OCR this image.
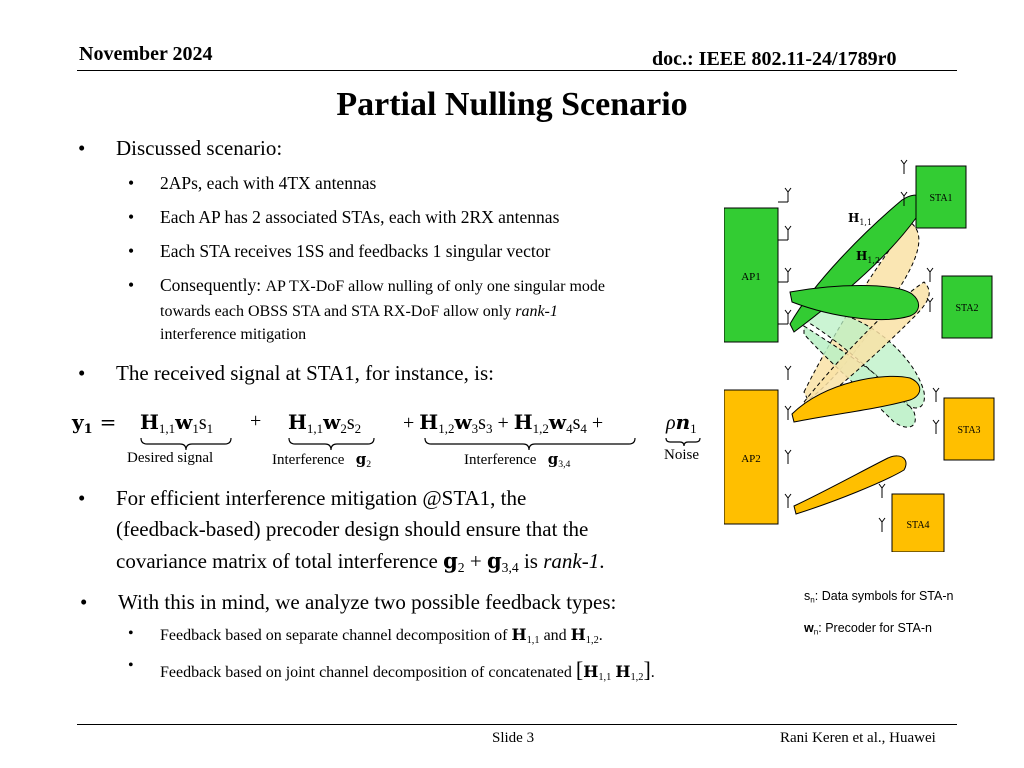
November 2024	doc.: IEEE 802.11-24/1789r0
Partial Nulling Scenario
• Discussed scenario:
• 2APs, each with 4TX antennas
• Each AP has 2 associated STAs, each with 2RX antennas
• Each STA receives 1SS and feedbacks 1 singular vector
• Consequently: AP TX-DoF allow nulling of only one singular mode
towards each OBSS STA and STA RX-DoF allow only rank-1
interference mitigation
• The received signal at STA1, for instance, is:
$y_1 = H_{1,1}w_1s_1 + H_{1,1}w_2s_2 + H_{1,2}w_3s_3 + H_{1,2}w_4s_4$ +	$\rho n_1$
Desired signal	Interference $g_2$	Interference $g_{3,4}$
Noise
• For efficient interference mitigation @STA1, the
(feedback-based) precoder design should ensure that the
covariance matrix of total interference $g_2 + g_{3,4}$ is rank-1.
• With this in mind, we analyze two possible feedback types:
• Feedback based on separate channel decomposition of $H_{1,1}$ and $H_{1,2}$.
• Feedback based on joint channel decomposition of concatenated [$H_{1,1}$ $H_{1,2}$].
$s_n$: Data symbols for STA-n
$w_n$: Precoder for STA-n
AP1
AP2
$H_{1,1}$
$H_{1,2}$
STA1
STA2
STA3
STA4
Slide 3	Rani Keren et al., Huawei
